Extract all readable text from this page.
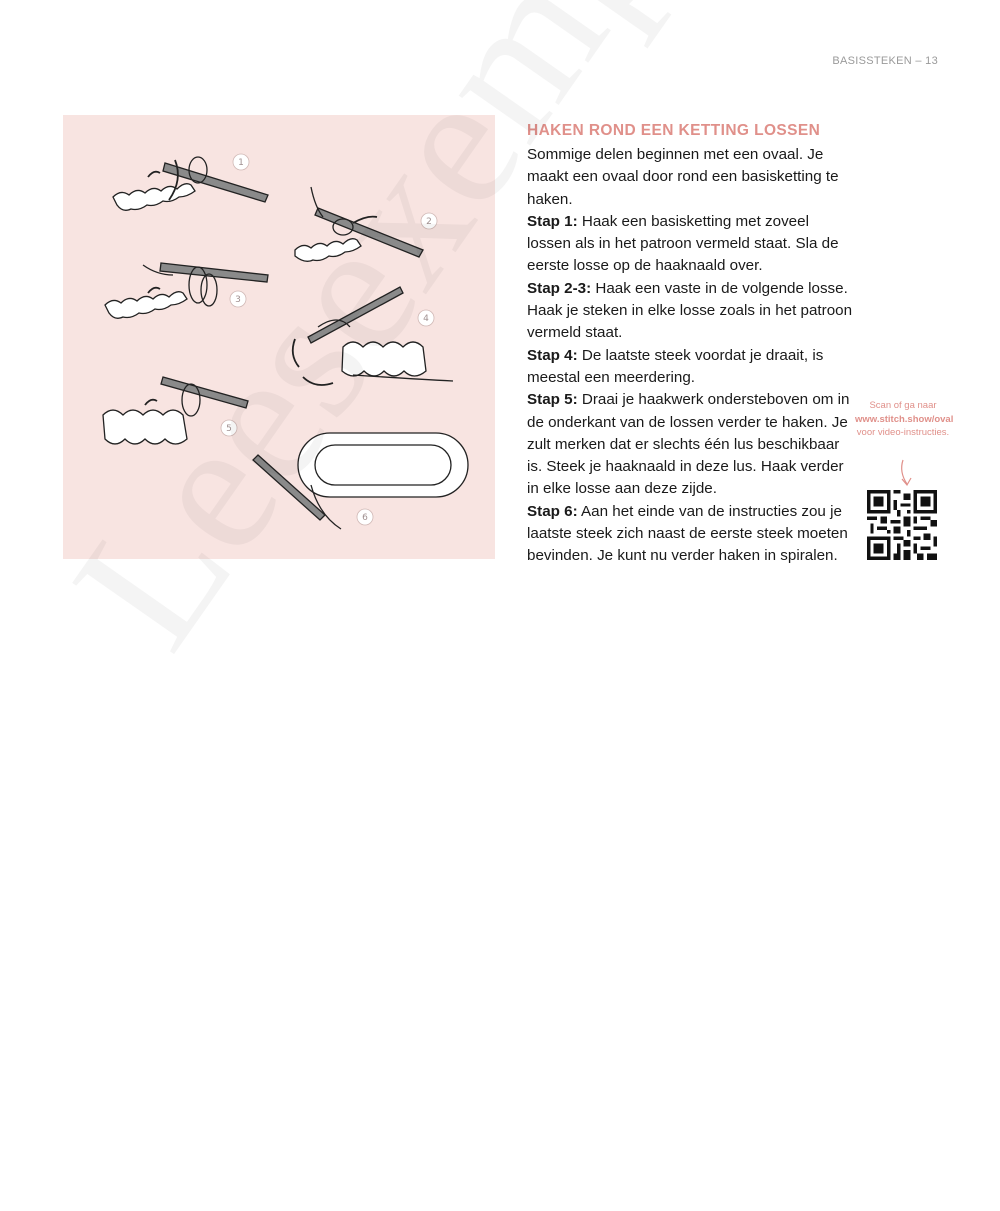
BASISSTEKEN – 13
1
2
3
4
5
6
HAKEN ROND EEN KETTING LOSSEN

Sommige delen beginnen met een ovaal. Je maakt een ovaal door rond een basisketting te haken.

Stap 1: Haak een basisketting met zoveel lossen als in het patroon vermeld staat. Sla de eerste losse op de haaknaald over.

Stap 2-3: Haak een vaste in de volgende losse. Haak je steken in elke losse zoals in het patroon vermeld staat.

Stap 4: De laatste steek voordat je draait, is meestal een meerdering.

Stap 5: Draai je haakwerk ondersteboven om in de onderkant van de lossen verder te haken. Je zult merken dat er slechts één lus beschikbaar is. Steek je haaknaald in deze lus. Haak verder in elke losse aan deze zijde.

Stap 6: Aan het einde van de instructies zou je laatste steek zich naast de eerste steek moeten bevinden. Je kunt nu verder haken in spiralen.

Scan of ga naar
www.stitch.show/oval voor video-instructies.
